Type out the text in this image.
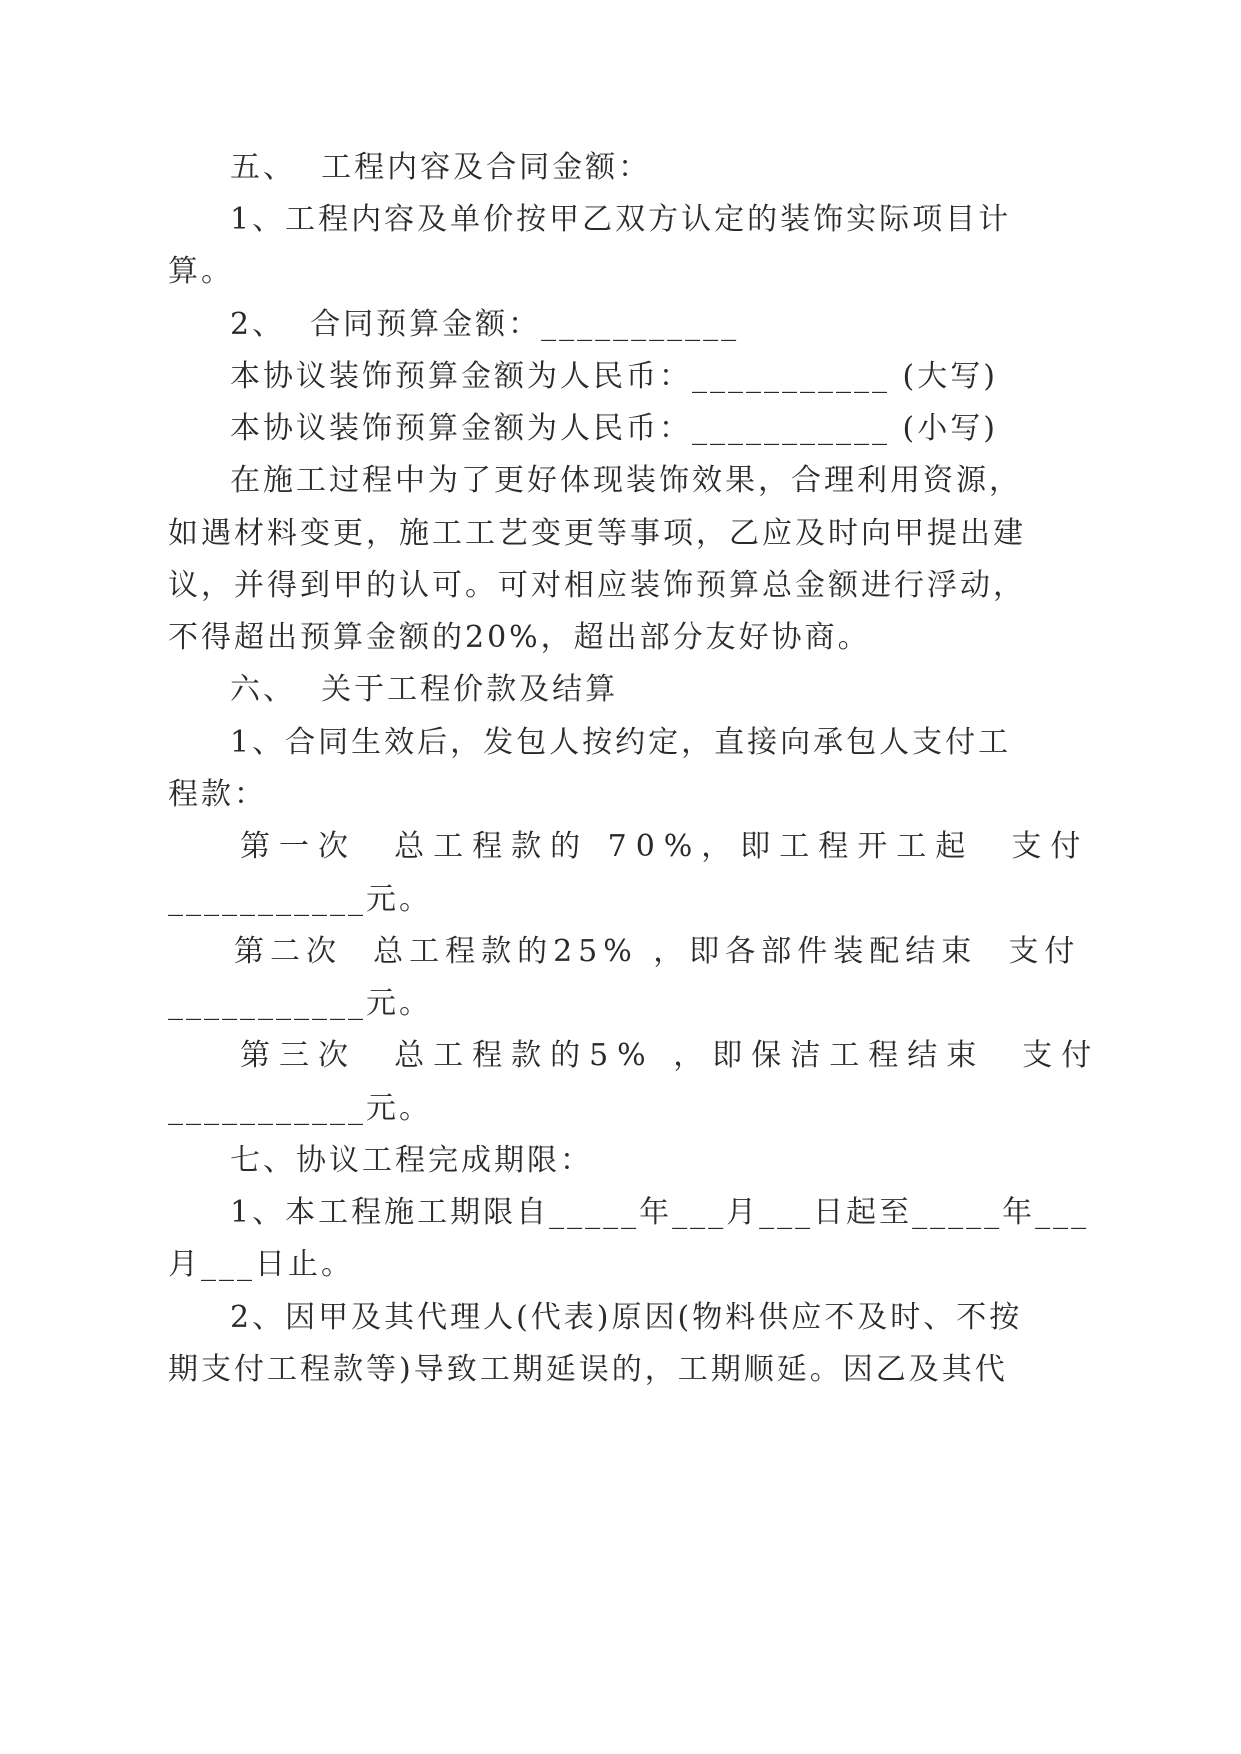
五、  工程内容及合同金额：
1、工程内容及单价按甲乙双方认定的装饰实际项目计
算。
2、  合同预算金额：___________
本协议装饰预算金额为人民币：___________ (大写)
本协议装饰预算金额为人民币：___________ (小写)
在施工过程中为了更好体现装饰效果，合理利用资源，
如遇材料变更，施工工艺变更等事项，乙应及时向甲提出建
议，并得到甲的认可。可对相应装饰预算总金额进行浮动，
不得超出预算金额的20%，超出部分友好协商。
六、  关于工程价款及结算
1、合同生效后，发包人按约定，直接向承包人支付工
程款：
第一次  总工程款的 70%，即工程开工起  支付
___________元。
第二次  总工程款的25% ，即各部件装配结束  支付
___________元。
第三次  总工程款的5% ，即保洁工程结束  支付
___________元。
七、协议工程完成期限：
1、本工程施工期限自_____年___月___日起至_____年___
月___日止。
2、因甲及其代理人(代表)原因(物料供应不及时、不按
期支付工程款等)导致工期延误的，工期顺延。因乙及其代
